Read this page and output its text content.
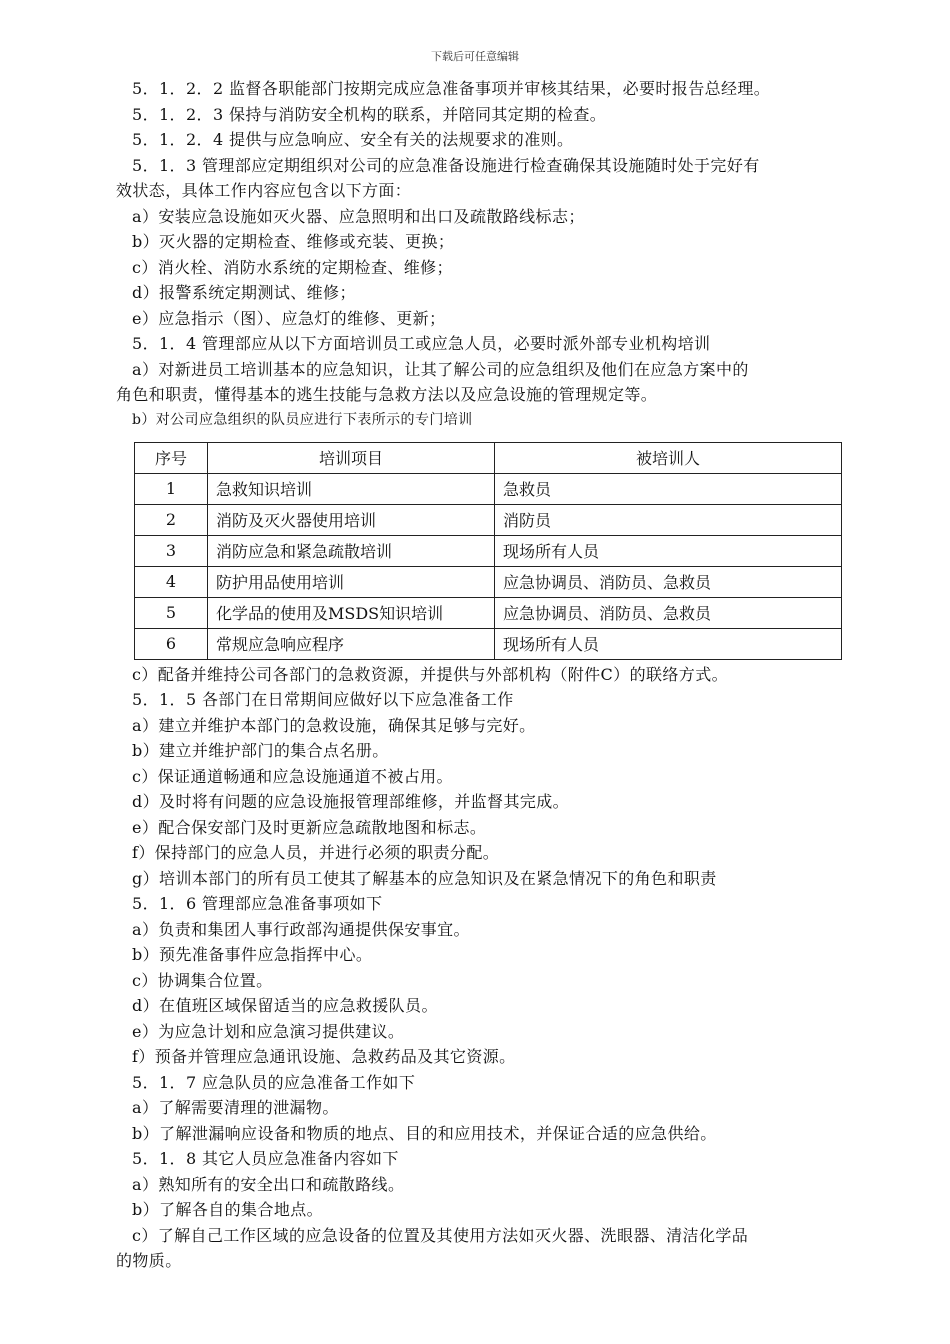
下载后可任意编辑
5．1．2．2 监督各职能部门按期完成应急准备事项并审核其结果，必要时报告总经理。
5．1．2．3 保持与消防安全机构的联系，并陪同其定期的检查。
5．1．2．4 提供与应急响应、安全有关的法规要求的准则。
5．1．3 管理部应定期组织对公司的应急准备设施进行检查确保其设施随时处于完好有
效状态，具体工作内容应包含以下方面：
a）安装应急设施如灭火器、应急照明和出口及疏散路线标志；
b）灭火器的定期检查、维修或充装、更换；
c）消火栓、消防水系统的定期检查、维修；
d）报警系统定期测试、维修；
e）应急指示（图）、应急灯的维修、更新；
5．1．4 管理部应从以下方面培训员工或应急人员，必要时派外部专业机构培训
a）对新进员工培训基本的应急知识，让其了解公司的应急组织及他们在应急方案中的
角色和职责，懂得基本的逃生技能与急救方法以及应急设施的管理规定等。
b）对公司应急组织的队员应进行下表所示的专门培训
序号	培训项目	被培训人
1	急救知识培训	急救员
2	消防及灭火器使用培训	消防员
3	消防应急和紧急疏散培训	现场所有人员
4	防护用品使用培训	应急协调员、消防员、急救员
5	化学品的使用及MSDS知识培训	应急协调员、消防员、急救员
6	常规应急响应程序	现场所有人员
c）配备并维持公司各部门的急救资源，并提供与外部机构（附件C）的联络方式。
5．1．5 各部门在日常期间应做好以下应急准备工作
a）建立并维护本部门的急救设施，确保其足够与完好。
b）建立并维护部门的集合点名册。
c）保证通道畅通和应急设施通道不被占用。
d）及时将有问题的应急设施报管理部维修，并监督其完成。
e）配合保安部门及时更新应急疏散地图和标志。
f）保持部门的应急人员，并进行必须的职责分配。
g）培训本部门的所有员工使其了解基本的应急知识及在紧急情况下的角色和职责
5．1．6 管理部应急准备事项如下
a）负责和集团人事行政部沟通提供保安事宜。
b）预先准备事件应急指挥中心。
c）协调集合位置。
d）在值班区域保留适当的应急救援队员。
e）为应急计划和应急演习提供建议。
f）预备并管理应急通讯设施、急救药品及其它资源。
5．1．7 应急队员的应急准备工作如下
a）了解需要清理的泄漏物。
b）了解泄漏响应设备和物质的地点、目的和应用技术，并保证合适的应急供给。
5．1．8 其它人员应急准备内容如下
a）熟知所有的安全出口和疏散路线。
b）了解各自的集合地点。
c）了解自己工作区域的应急设备的位置及其使用方法如灭火器、洗眼器、清洁化学品
的物质。
